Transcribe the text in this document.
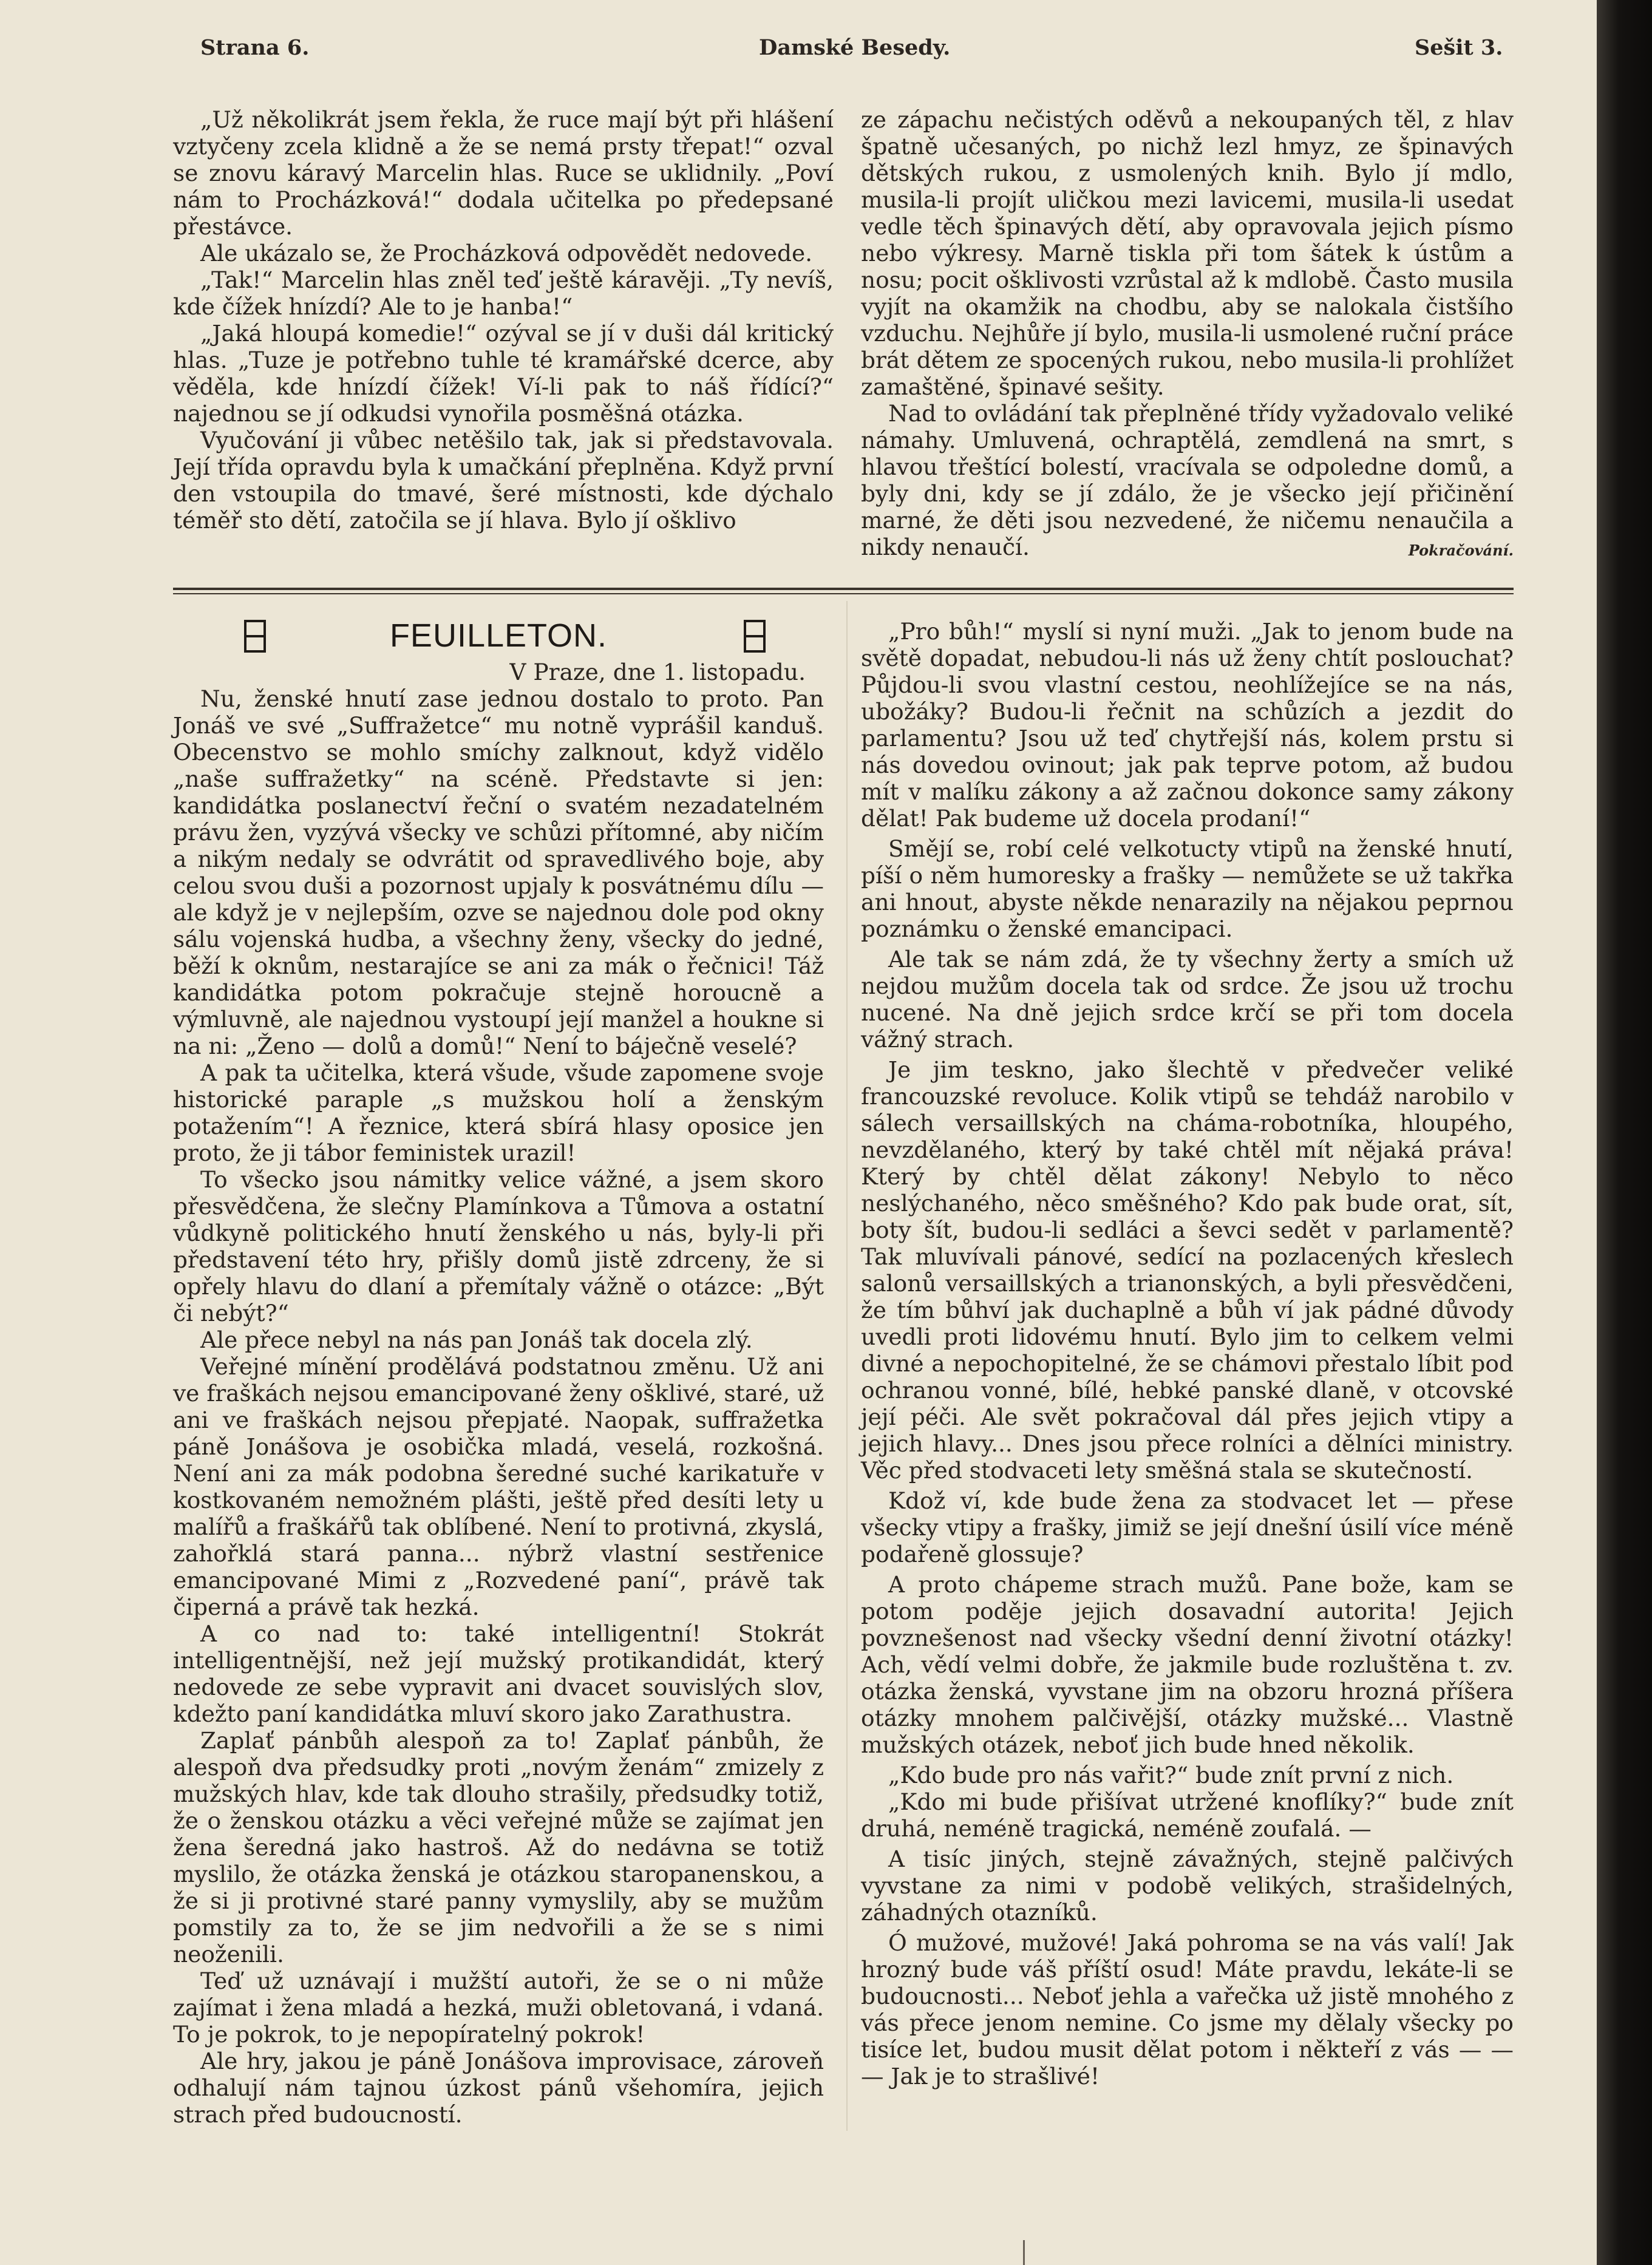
Strana 6.	Damské Besedy.	Sešit 3.

„Už několikrát jsem řekla, že ruce mají být při hlášení vztyčeny zcela klidně a že se nemá prsty třepat!“ ozval se znovu káravý Marcelin hlas. Ruce se uklidnily. „Poví nám to Procházková!“ dodala učitelka po předepsané přestávce.

Ale ukázalo se, že Procházková odpovědět nedovede.

„Tak!“ Marcelin hlas zněl teď ještě káravěji. „Ty nevíš, kde čížek hnízdí? Ale to je hanba!“

„Jaká hloupá komedie!“ ozýval se jí v duši dál kritický hlas. „Tuze je potřebno tuhle té kramářské dcerce, aby věděla, kde hnízdí čížek! Ví-li pak to náš řídící?“ najednou se jí odkudsi vynořila posměšná otázka.

Vyučování ji vůbec netěšilo tak, jak si představovala. Její třída opravdu byla k umačkání přeplněna. Když první den vstoupila do tmavé, šeré místnosti, kde dýchalo téměř sto dětí, zatočila se jí hlava. Bylo jí ošklivo

ze zápachu nečistých oděvů a nekoupaných těl, z hlav špatně učesaných, po nichž lezl hmyz, ze špinavých dětských rukou, z usmolených knih. Bylo jí mdlo, musila-li projít uličkou mezi lavicemi, musila-li usedat vedle těch špinavých dětí, aby opravovala jejich písmo nebo výkresy. Marně tiskla při tom šátek k ústům a nosu; pocit ošklivosti vzrůstal až k mdlobě. Často musila vyjít na okamžik na chodbu, aby se nalokala čistšího vzduchu. Nejhůře jí bylo, musila-li usmolené ruční práce brát dětem ze spocených rukou, nebo musila-li prohlížet zamaštěné, špinavé sešity.

Nad to ovládání tak přeplněné třídy vyžadovalo veliké námahy. Umluvená, ochraptělá, zemdlená na smrt, s hlavou třeštící bolestí, vracívala se odpoledne domů, a byly dni, kdy se jí zdálo, že je všecko její přičinění marné, že děti jsou nezvedené, že ničemu nenaučila a nikdy nenaučí.	Pokračování.
FEUILLETON.

V Praze, dne 1. listopadu.

Nu, ženské hnutí zase jednou dostalo to proto. Pan Jonáš ve své „Suffražetce“ mu notně vyprášil kanduš. Obecenstvo se mohlo smíchy zalknout, když vidělo „naše suffražetky“ na scéně. Představte si jen: kandidátka poslanectví řeční o svatém nezadatelném právu žen, vyzývá všecky ve schůzi přítomné, aby ničím a nikým nedaly se odvrátit od spravedlivého boje, aby celou svou duši a pozornost upjaly k posvátnému dílu — ale když je v nejlepším, ozve se najednou dole pod okny sálu vojenská hudba, a všechny ženy, všecky do jedné, běží k oknům, nestarajíce se ani za mák o řečnici! Táž kandidátka potom pokračuje stejně horoucně a výmluvně, ale najednou vystoupí její manžel a houkne si na ni: „Ženo — dolů a domů!“ Není to báječně veselé?

A pak ta učitelka, která všude, všude zapomene svoje historické paraple „s mužskou holí a ženským potažením“! A řeznice, která sbírá hlasy oposice jen proto, že ji tábor feministek urazil!

To všecko jsou námitky velice vážné, a jsem skoro přesvědčena, že slečny Plamínkova a Tůmova a ostatní vůdkyně politického hnutí ženského u nás, byly-li při představení této hry, přišly domů jistě zdrceny, že si opřely hlavu do dlaní a přemítaly vážně o otázce: „Být či nebýt?“

Ale přece nebyl na nás pan Jonáš tak docela zlý.

Veřejné mínění prodělává podstatnou změnu. Už ani ve fraškách nejsou emancipované ženy ošklivé, staré, už ani ve fraškách nejsou přepjaté. Naopak, suffražetka páně Jonášova je osobička mladá, veselá, rozkošná. Není ani za mák podobna šeredné suché karikatuře v kostkovaném nemožném plášti, ještě před desíti lety u malířů a fraškářů tak oblíbené. Není to protivná, zkyslá, zahořklá stará panna... nýbrž vlastní sestřenice emancipované Mimi z „Rozvedené paní“, právě tak čiperná a právě tak hezká.

A co nad to: také intelligentní! Stokrát intelligentnější, než její mužský protikandidát, který nedovede ze sebe vypravit ani dvacet souvislých slov, kdežto paní kandidátka mluví skoro jako Zarathustra.

Zaplať pánbůh alespoň za to! Zaplať pánbůh, že alespoň dva předsudky proti „novým ženám“ zmizely z mužských hlav, kde tak dlouho strašily, předsudky totiž, že o ženskou otázku a věci veřejné může se zajímat jen žena šeredná jako hastroš. Až do nedávna se totiž myslilo, že otázka ženská je otázkou staropanenskou, a že si ji protivné staré panny vymyslily, aby se mužům pomstily za to, že se jim nedvořili a že se s nimi neoženili.

Teď už uznávají i mužští autoři, že se o ni může zajímat i žena mladá a hezká, muži obletovaná, i vdaná. To je pokrok, to je nepopíratelný pokrok!

Ale hry, jakou je páně Jonášova improvisace, zároveň odhalují nám tajnou úzkost pánů všehomíra, jejich strach před budoucností.

„Pro bůh!“ myslí si nyní muži. „Jak to jenom bude na světě dopadat, nebudou-li nás už ženy chtít poslouchat? Půjdou-li svou vlastní cestou, neohlížejíce se na nás, ubožáky? Budou-li řečnit na schůzích a jezdit do parlamentu? Jsou už teď chytřejší nás, kolem prstu si nás dovedou ovinout; jak pak teprve potom, až budou mít v malíku zákony a až začnou dokonce samy zákony dělat! Pak budeme už docela prodaní!“

Smějí se, robí celé velkotucty vtipů na ženské hnutí, píší o něm humoresky a frašky — nemůžete se už takřka ani hnout, abyste někde nenarazily na nějakou peprnou poznámku o ženské emancipaci.

Ale tak se nám zdá, že ty všechny žerty a smích už nejdou mužům docela tak od srdce. Že jsou už trochu nucené. Na dně jejich srdce krčí se při tom docela vážný strach.

Je jim teskno, jako šlechtě v předvečer veliké francouzské revoluce. Kolik vtipů se tehdáž narobilo v sálech versaillských na chámа-robotníka, hloupého, nevzdělaného, který by také chtěl mít nějaká práva! Který by chtěl dělat zákony! Nebylo to něco neslýchaného, něco směšného? Kdo pak bude orat, sít, boty šít, budou-li sedláci a ševci sedět v parlamentě? Tak mluvívali pánové, sedící na pozlacených křeslech salonů versaillských a trianonských, a byli přesvědčeni, že tím bůhví jak duchaplně a bůh ví jak pádné důvody uvedli proti lidovému hnutí. Bylo jim to celkem velmi divné a nepochopitelné, že se chámovi přestalo líbit pod ochranou vonné, bílé, hebké panské dlaně, v otcovské její péči. Ale svět pokračoval dál přes jejich vtipy a jejich hlavy... Dnes jsou přece rolníci a dělníci ministry. Věc před stodvaceti lety směšná stala se skutečností.

Kdož ví, kde bude žena za stodvacet let — přese všecky vtipy a frašky, jimiž se její dnešní úsilí více méně podařeně glossuje?

A proto chápeme strach mužů. Pane bože, kam se potom poděje jejich dosavadní autorita! Jejich povznešenost nad všecky všední denní životní otázky! Ach, vědí velmi dobře, že jakmile bude rozluštěna t. zv. otázka ženská, vyvstane jim na obzoru hrozná příšera otázky mnohem palčivější, otázky mužské... Vlastně mužských otázek, neboť jich bude hned několik.

„Kdo bude pro nás vařit?“ bude znít první z nich.

„Kdo mi bude přišívat utržené knoflíky?“ bude znít druhá, neméně tragická, neméně zoufalá. —

A tisíc jiných, stejně závažných, stejně palčivých vyvstane za nimi v podobě velikých, strašidelných, záhadných otazníků.

Ó mužové, mužové! Jaká pohroma se na vás valí! Jak hrozný bude váš příští osud! Máte pravdu, lekáte-li se budoucnosti... Neboť jehla a vařečka už jistě mnohého z vás přece jenom nemine. Co jsme my dělaly všecky po tisíce let, budou musit dělat potom i někteří z vás — — — Jak je to strašlivé!
